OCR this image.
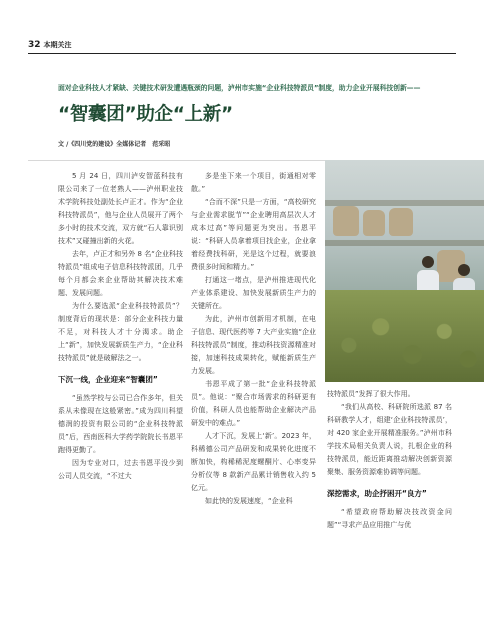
32 本期关注

面对企业科技人才紧缺、关键技术研发遭遇瓶颈的问题，泸州市实施“企业科技特派员”制度，助力企业开展科技创新——

“智囊团”助企“上新”

文 /《四川党的建设》全媒体记者　范采昭

5 月 24 日，四川泸安智蓝科技有限公司来了一位老熟人——泸州职业技术学院科技处副处长卢正才。作为“企业科技特派员”，他与企业人员展开了两个多小时的技术交流，双方就“石人靠识别技术”又碰撞出新的火花。

去年，卢正才和另外 8 名“企业科技特派员”组成电子信息科技特派团，几乎每个月都会来企业帮助其解决技术难题、发展问题。

为什么要选派“企业科技特派员”？制度背后的现状是：部分企业科技力量不足，对科技人才十分渴求。助企上“新”，加快发展新质生产力，“企业科技特派员”就是破解法之一。

下沉一线，企业迎来“智囊团”

“虽然学校与公司已合作多年，但关系从未像现在这般紧密。”成为四川科望德润的投资有限公司的“企业科技特派员”后，西南医科大学药学院院长书恩平跑得更勤了。

因为专业对口，过去书恩平没少到公司人员交流，“不过大

多是坐下来一个项目，街通相对零散。”

“合而不深”只是一方面，“高校研究与企业需求脱节”“企业聘用高层次人才成本过高”等问题更为突出。书恩平说：“科研人员拿着项目找企业，企业拿着经费找科研，光是这个过程，就要浪费很多时间和精力。”

打通这一堵点，是泸州推进现代化产业体系建设、加快发展新质生产力的关键所在。

为此，泸州市创新用才机制，在电子信息、现代医药等 7 大产业实施“企业科技特派员”制度，推动科技资源精准对接，加速科技成果转化，赋能新质生产力发展。

书恩平成了第一批“企业科技特派员”。他说：“聚合市场需求的科研更有价值，科研人员也能帮助企业解决产品研发中的难点。”

人才下沉，发展上‘新’。2023 年，科稀德公司产品研发和成果转化进度不断加快，构稀稀泥度螺酮片、心率变异分析仪等 8 款新产品累计销售收入约 5 亿元。

如此快的发展速度，“企业科

技特派员”发挥了很大作用。

“我们从高校、科研院所选派 87 名科研教学人才，组建‘企业科技特派员’，对 420 家企业开展精准服务。”泸州市科学技术局相关负责人说，扎根企业的科技特派员，能近距离推动解决创新资源聚集、服务资源难协调等问题。

深挖需求，助企抒困开“良方”

“希望政府帮助解决技改资金问题”“寻求产品应用推广与优
